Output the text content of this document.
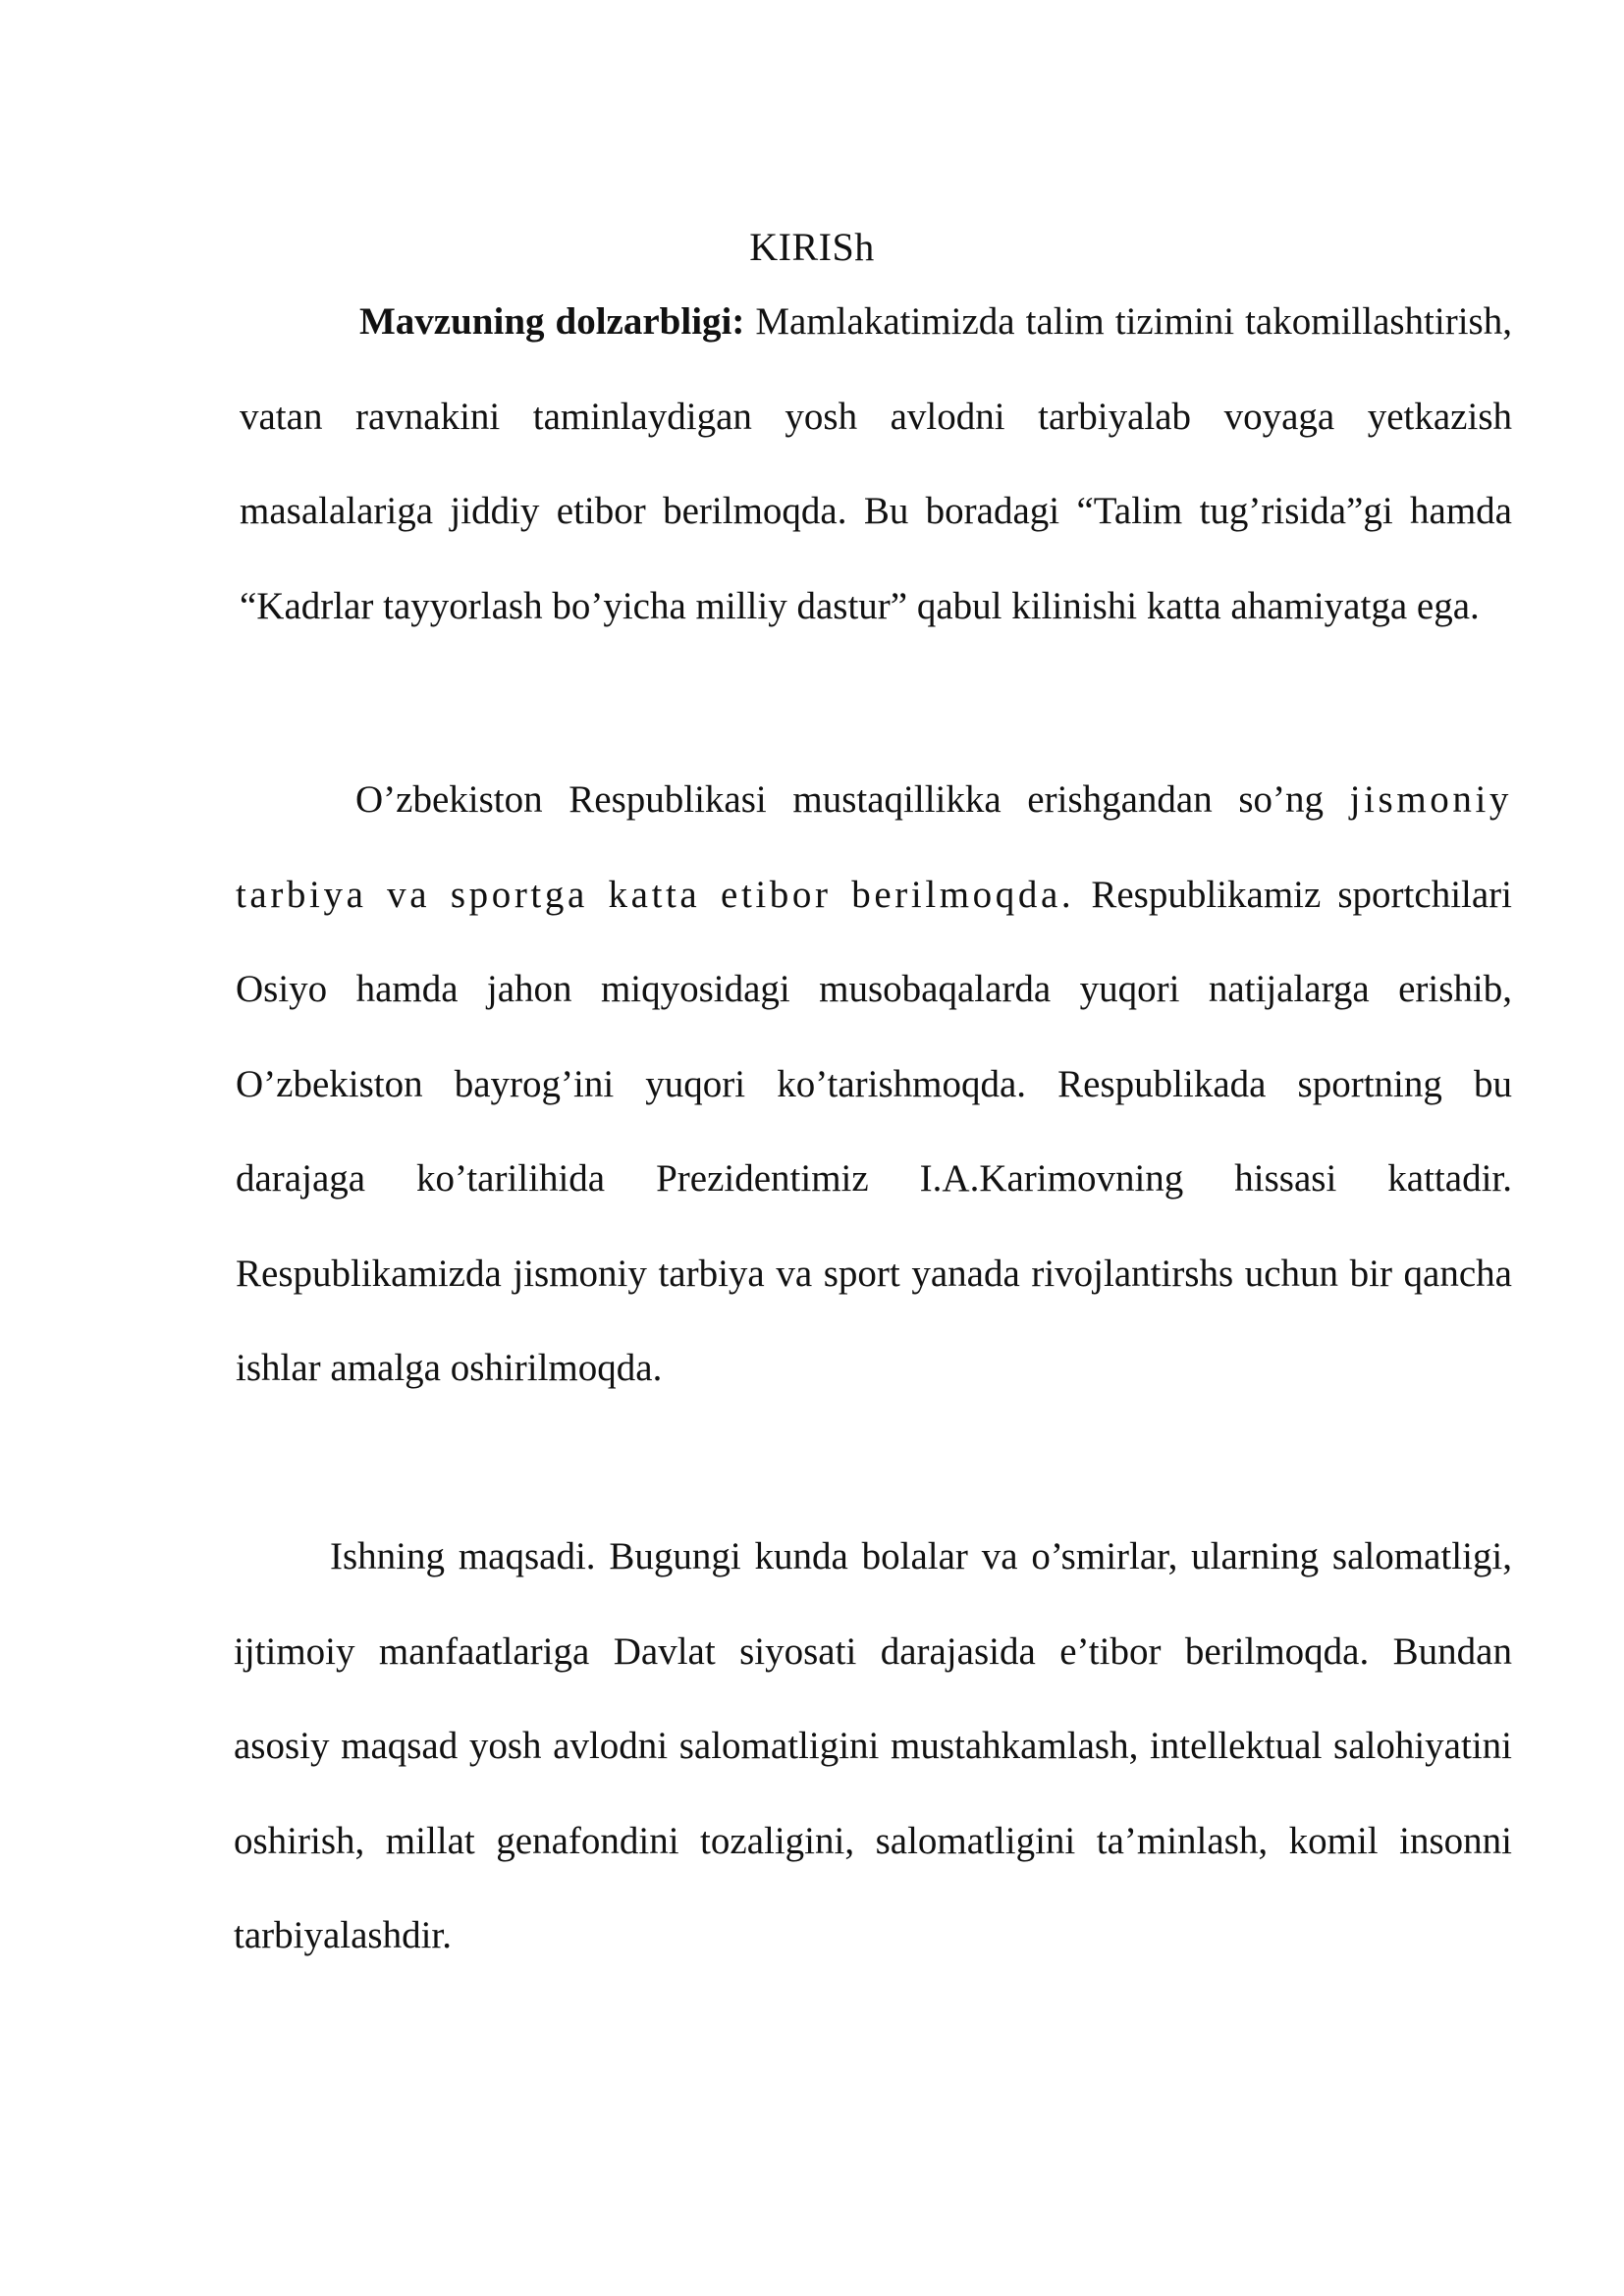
KIRISh

Mavzuning dolzarbligi: Mamlakatimizda talim tizimini takomillashtirish, vatan ravnakini taminlaydigan yosh avlodni tarbiyalab voyaga yetkazish masalalariga jiddiy etibor berilmoqda. Bu boradagi “Talim tug’risida”gi hamda “Kadrlar tayyorlash bo’yicha milliy dastur” qabul kilinishi katta ahamiyatga ega.

O’zbekiston Respublikasi mustaqillikka erishgandan so’ng jismoniy tarbiya va sportga katta etibor berilmoqda. Respublikamiz sportchilari Osiyo hamda jahon miqyosidagi musobaqalarda yuqori natijalarga erishib, O’zbekiston bayrog’ini yuqori ko’tarishmoqda. Respublikada sportning bu darajaga ko’tarilihida Prezidentimiz I.A.Karimovning hissasi kattadir. Respublikamizda jismoniy tarbiya va sport yanada rivojlantirshs uchun bir qancha ishlar amalga oshirilmoqda.

Ishning maqsadi. Bugungi kunda bolalar va o’smirlar, ularning salomatligi, ijtimoiy manfaatlariga Davlat siyosati darajasida e’tibor berilmoqda. Bundan asosiy maqsad yosh avlodni salomatligini mustahkamlash, intellektual salohiyatini oshirish, millat genafondini tozaligini, salomatligini ta’minlash, komil insonni tarbiyalashdir.
